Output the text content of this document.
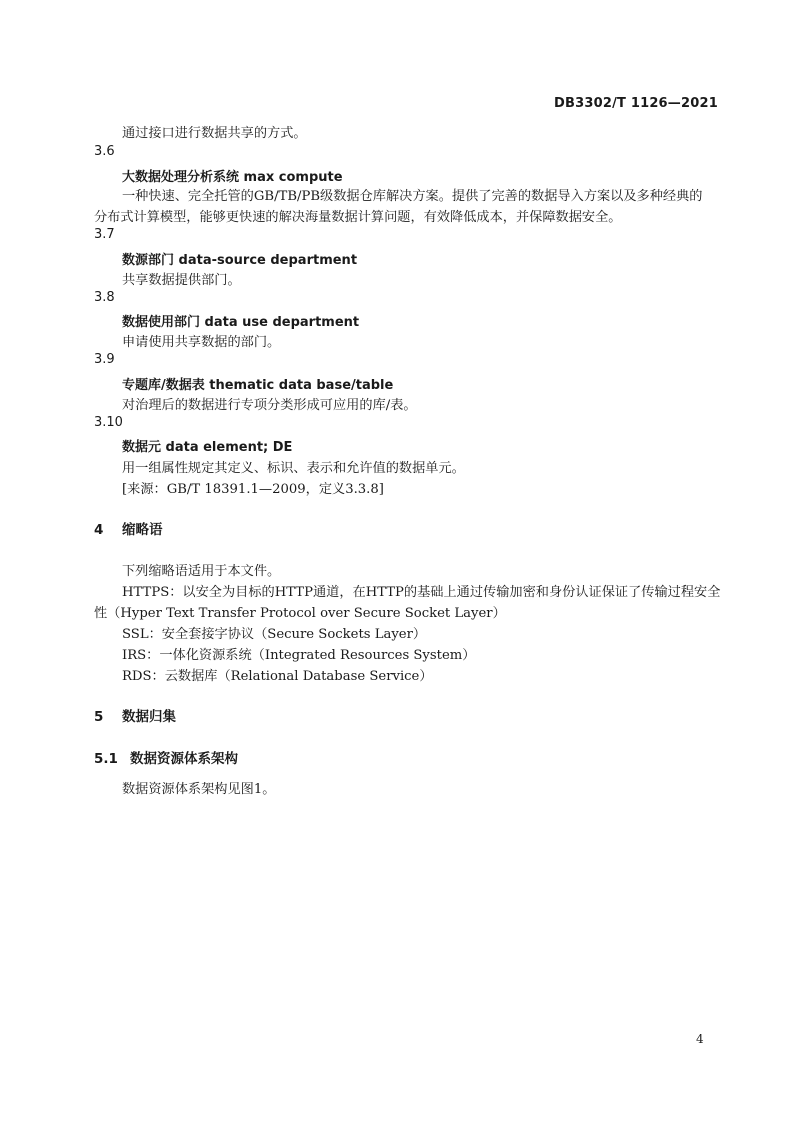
DB3302/T 1126—2021
通过接口进行数据共享的方式。
3.6
大数据处理分析系统 max compute
一种快速、完全托管的GB/TB/PB级数据仓库解决方案。提供了完善的数据导入方案以及多种经典的
分布式计算模型，能够更快速的解决海量数据计算问题，有效降低成本，并保障数据安全。
3.7
数源部门 data-source department
共享数据提供部门。
3.8
数据使用部门 data use department
申请使用共享数据的部门。
3.9
专题库/数据表 thematic data base/table
对治理后的数据进行专项分类形成可应用的库/表。
3.10
数据元 data element; DE
用一组属性规定其定义、标识、表示和允许值的数据单元。
[来源：GB/T 18391.1—2009，定义3.3.8]
4 缩略语
下列缩略语适用于本文件。
HTTPS：以安全为目标的HTTP通道，在HTTP的基础上通过传输加密和身份认证保证了传输过程安全
性（Hyper Text Transfer Protocol over Secure Socket Layer）
SSL：安全套接字协议（Secure Sockets Layer）
IRS：一体化资源系统（Integrated Resources System）
RDS：云数据库（Relational Database Service）
5 数据归集
5.1 数据资源体系架构
数据资源体系架构见图1。
4
